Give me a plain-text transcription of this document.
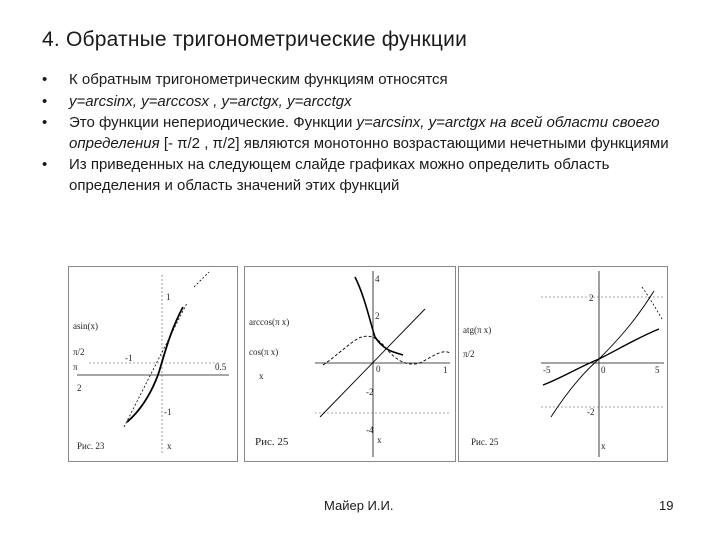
4. Обратные тригонометрические функции
• К обратным тригонометрическим функциям относятся
• y=arcsinx, y=arccosx , y=arctgx, y=arcctgx
• Это функции непериодические. Функции y=arcsinx, y=arctgx на всей области своего определения [- π/2 , π/2] являются монотонно возрастающими нечетными функциями
• Из приведенных на следующем слайде графиках можно определить область определения и область значений этих функций
asin(x)
π/2
π
2
1
-1
-1
0.5
Рис. 23	x
arccos(π x)
cos(π x)
x
4
2
0	1
-2
-4
Рис. 25	x
atg(π x)
π/2
2
-5	0	5
-2
Рис. 25	x
Майер И.И.	19
